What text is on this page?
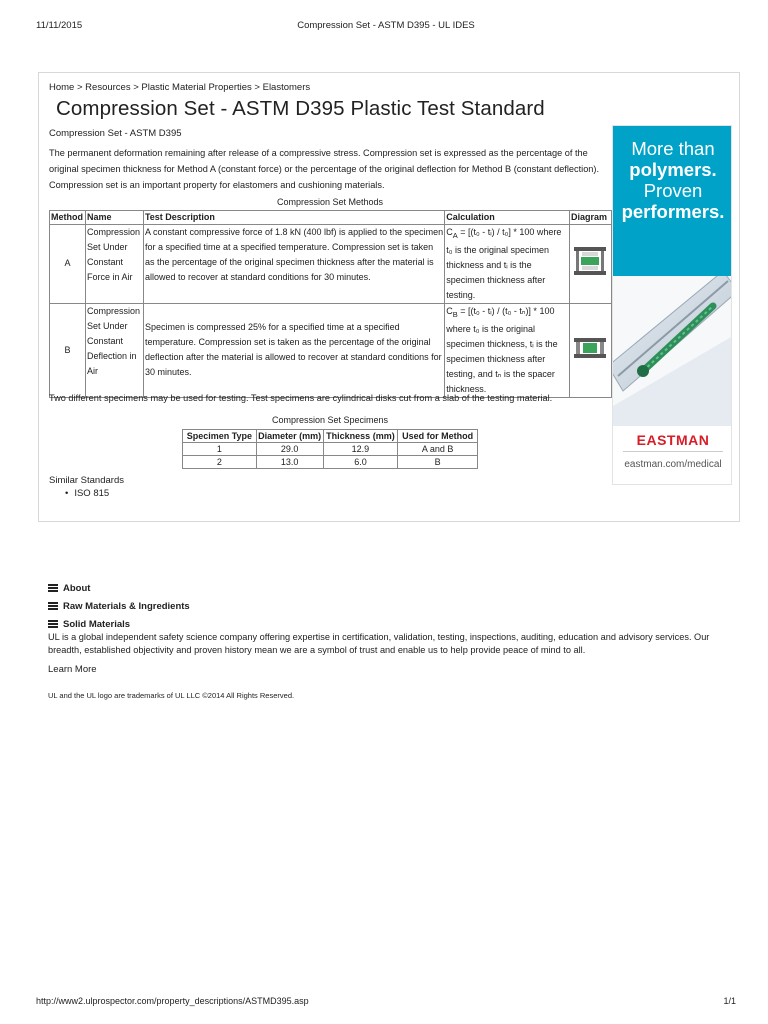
11/11/2015	Compression Set - ASTM D395 - UL IDES
Home > Resources > Plastic Material Properties > Elastomers
Compression Set - ASTM D395 Plastic Test Standard
Compression Set - ASTM D395

The permanent deformation remaining after release of a compressive stress. Compression set is expressed as the percentage of the original specimen thickness for Method A (constant force) or the percentage of the original deflection for Method B (constant deflection). Compression set is an important property for elastomers and cushioning materials.

Compression Set Methods
Method	Name	Test Description	Calculation	Diagram
A	Compression Set Under Constant Force in Air	A constant compressive force of 1.8 kN (400 lbf) is applied to the specimen for a specified time at a specified temperature. Compression set is taken as the percentage of the original specimen thickness after the material is allowed to recover at standard conditions for 30 minutes.	$C_A = [(t_0$ - tᵢ) / t₀] * 100 where t₀ is the original specimen thickness and tᵢ is the specimen thickness after testing.	
B	Compression Set Under Constant Deflection in Air	Specimen is compressed 25% for a specified time at a specified temperature. Compression set is taken as the percentage of the original deflection after the material is allowed to recover at standard conditions for 30 minutes.	$C_B = [(t_0$ - tᵢ) / (t₀ - tₙ)] * 100 where t₀ is the original specimen thickness, tᵢ is the specimen thickness after testing, and tₙ is the spacer thickness.	
Two different specimens may be used for testing. Test specimens are cylindrical disks cut from a slab of the testing material.
Compression Set Specimens
Specimen Type	Diameter (mm)	Thickness (mm)	Used for Method
1	29.0	12.9	A and B
2	13.0	6.0	B
Similar Standards
• ISO 815
More than
polymers.
Proven
performers.
EASTMAN
eastman.com/medical
About
Raw Materials & Ingredients
Solid Materials

UL is a global independent safety science company offering expertise in certification, validation, testing, inspections, auditing, education and advisory services. Our breadth, established objectivity and proven history mean we are a symbol of trust and enable us to help provide peace of mind to all.

Learn More
UL and the UL logo are trademarks of UL LLC ©2014 All Rights Reserved.
http://www2.ulprospector.com/property_descriptions/ASTMD395.asp	1/1
